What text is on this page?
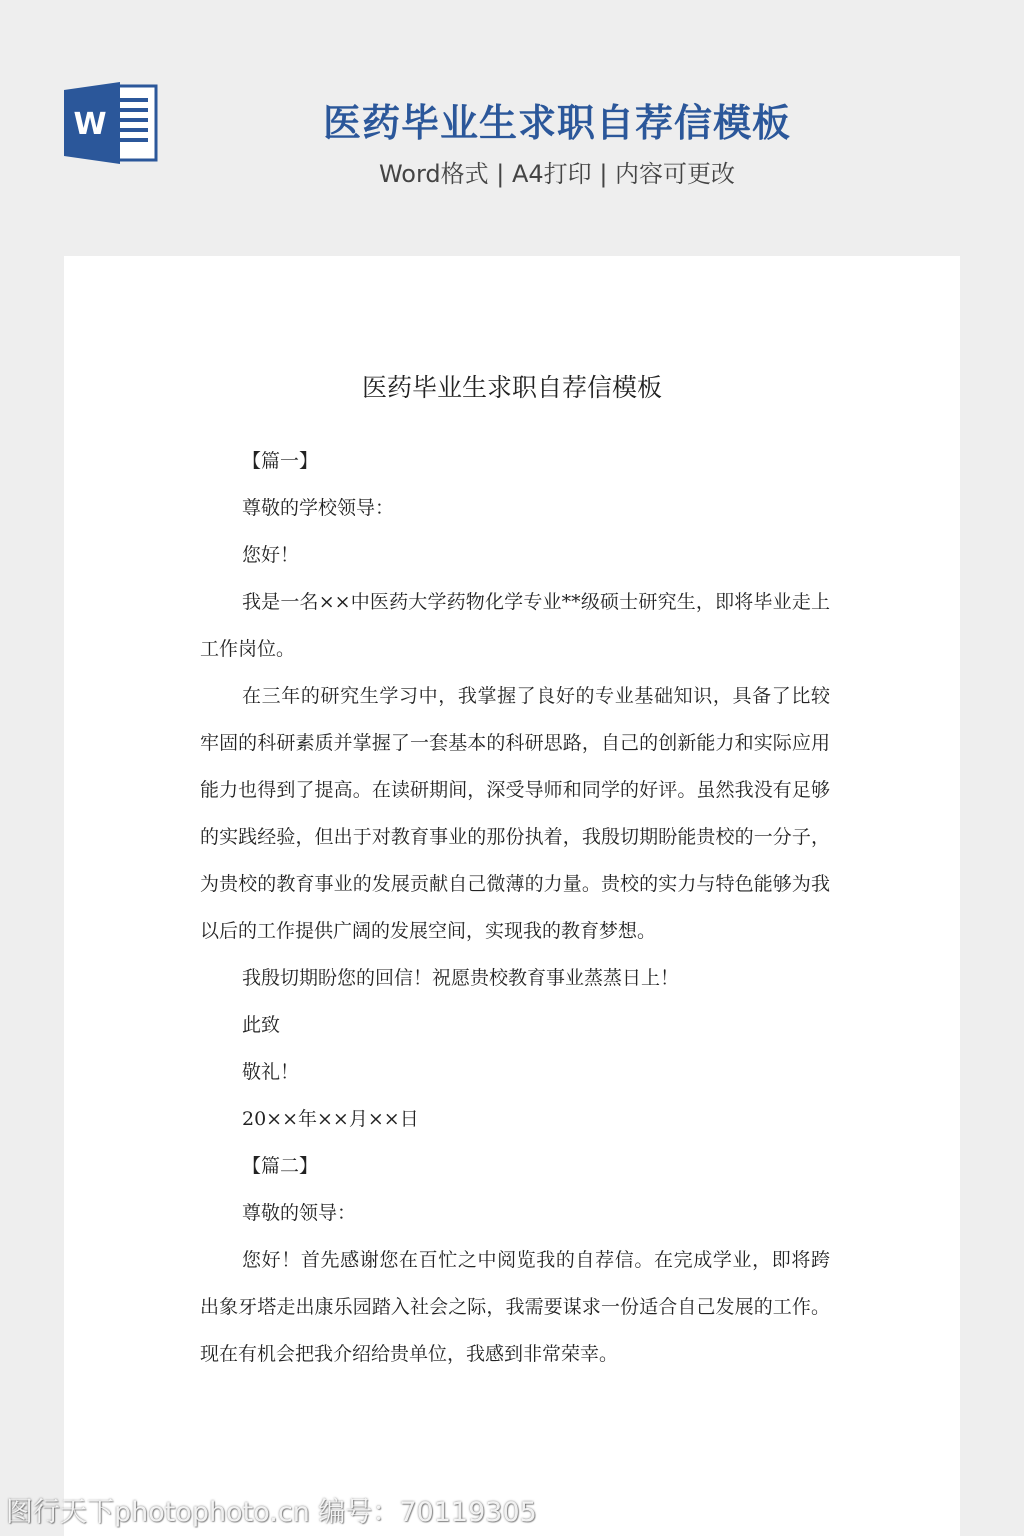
W	医药毕业生求职自荐信模板
Word格式 | A4打印 | 内容可更改
医药毕业生求职自荐信模板

【篇一】

尊敬的学校领导：

您好！

我是一名××中医药大学药物化学专业**级硕士研究生，即将毕业走上工作岗位。

在三年的研究生学习中，我掌握了良好的专业基础知识，具备了比较牢固的科研素质并掌握了一套基本的科研思路，自己的创新能力和实际应用能力也得到了提高。在读研期间，深受导师和同学的好评。虽然我没有足够的实践经验，但出于对教育事业的那份执着，我殷切期盼能贵校的一分子，为贵校的教育事业的发展贡献自己微薄的力量。贵校的实力与特色能够为我以后的工作提供广阔的发展空间，实现我的教育梦想。

我殷切期盼您的回信！祝愿贵校教育事业蒸蒸日上！

此致

敬礼！

20××年××月××日

【篇二】

尊敬的领导：

您好！首先感谢您在百忙之中阅览我的自荐信。在完成学业，即将跨出象牙塔走出康乐园踏入社会之际，我需要谋求一份适合自己发展的工作。现在有机会把我介绍给贵单位，我感到非常荣幸。

图行天下photophoto.cn 编号：70119305
